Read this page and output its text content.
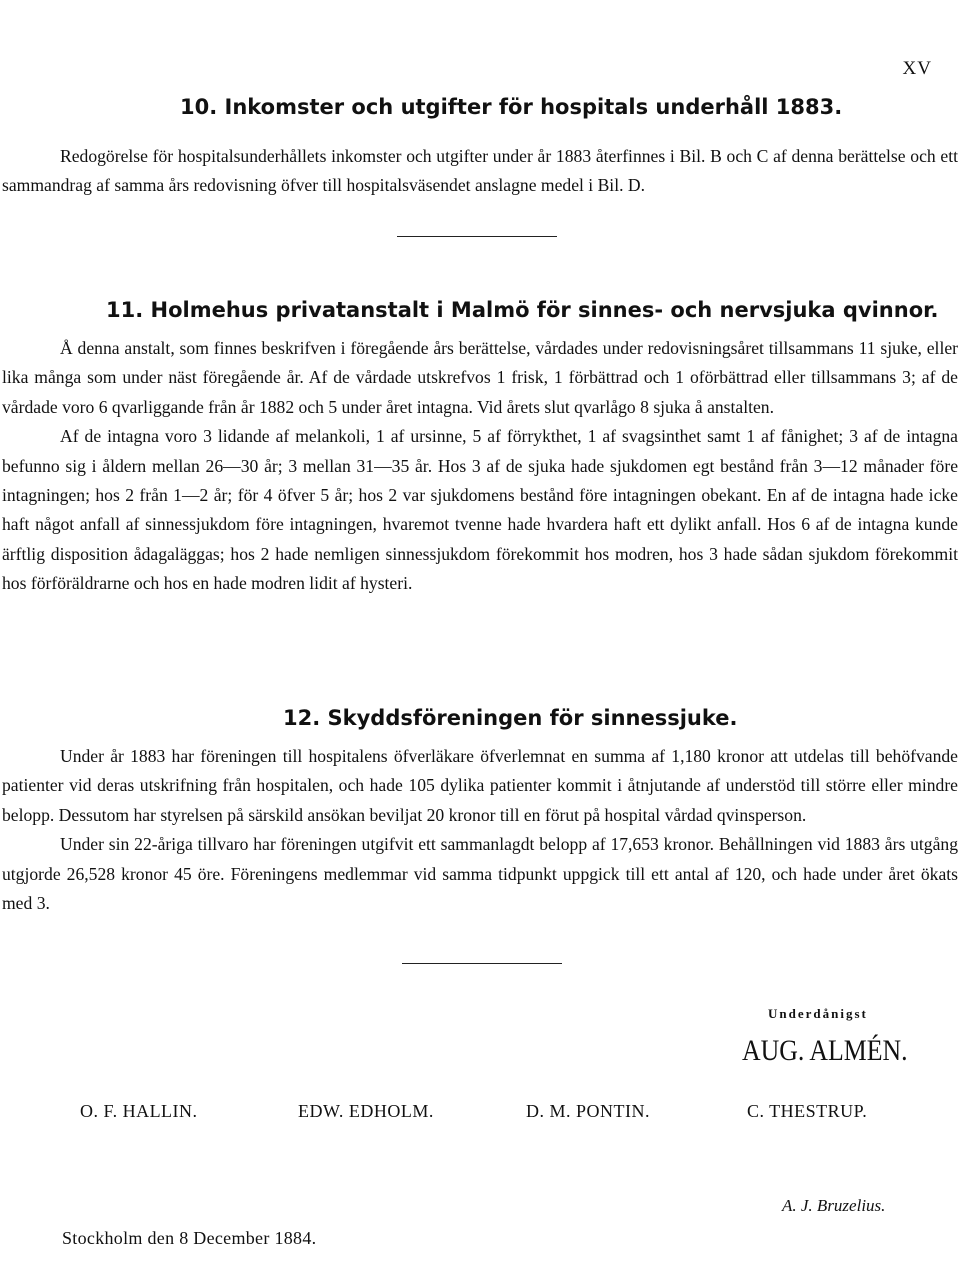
XV
10. Inkomster och utgifter för hospitals underhåll 1883.

Redogörelse för hospitalsunderhållets inkomster och utgifter under år 1883 återfinnes i Bil. B och C af denna berättelse och ett sammandrag af samma års redovisning öfver till hospitalsväsendet anslagne medel i Bil. D.

11. Holmehus privatanstalt i Malmö för sinnes- och nervsjuka qvinnor.

Å denna anstalt, som finnes beskrifven i föregående års berättelse, vårdades under redovisningsåret tillsammans 11 sjuke, eller lika många som under näst föregående år. Af de vårdade utskrefvos 1 frisk, 1 förbättrad och 1 oförbättrad eller tillsammans 3; af de vårdade voro 6 qvarliggande från år 1882 och 5 under året intagna. Vid årets slut qvarlågo 8 sjuka å anstalten.

Af de intagna voro 3 lidande af melankoli, 1 af ursinne, 5 af förrykthet, 1 af svagsinthet samt 1 af fånighet; 3 af de intagna befunno sig i åldern mellan 26—30 år; 3 mellan 31—35 år. Hos 3 af de sjuka hade sjukdomen egt bestånd från 3—12 månader före intagningen; hos 2 från 1—2 år; för 4 öfver 5 år; hos 2 var sjukdomens bestånd före intagningen obekant. En af de intagna hade icke haft något anfall af sinnessjukdom före intagningen, hvaremot tvenne hade hvardera haft ett dylikt anfall. Hos 6 af de intagna kunde ärftlig disposition ådagaläggas; hos 2 hade nemligen sinnessjukdom förekommit hos modren, hos 3 hade sådan sjukdom förekommit hos förföräldrarne och hos en hade modren lidit af hysteri.

12. Skyddsföreningen för sinnessjuke.

Under år 1883 har föreningen till hospitalens öfverläkare öfverlemnat en summa af 1,180 kronor att utdelas till behöfvande patienter vid deras utskrifning från hospitalen, och hade 105 dylika patienter kommit i åtnjutande af understöd till större eller mindre belopp. Dessutom har styrelsen på särskild ansökan beviljat 20 kronor till en förut på hospital vårdad qvinsperson.

Under sin 22-åriga tillvaro har föreningen utgifvit ett sammanlagdt belopp af 17,653 kronor. Behållningen vid 1883 års utgång utgjorde 26,528 kronor 45 öre. Föreningens medlemmar vid samma tidpunkt uppgick till ett antal af 120, och hade under året ökats med 3.

Underdånigst
AUG. ALMÉN.
O. F. HALLIN.	EDW. EDHOLM.	D. M. PONTIN.	C. THESTRUP.
A. J. Bruzelius.
Stockholm den 8 December 1884.
